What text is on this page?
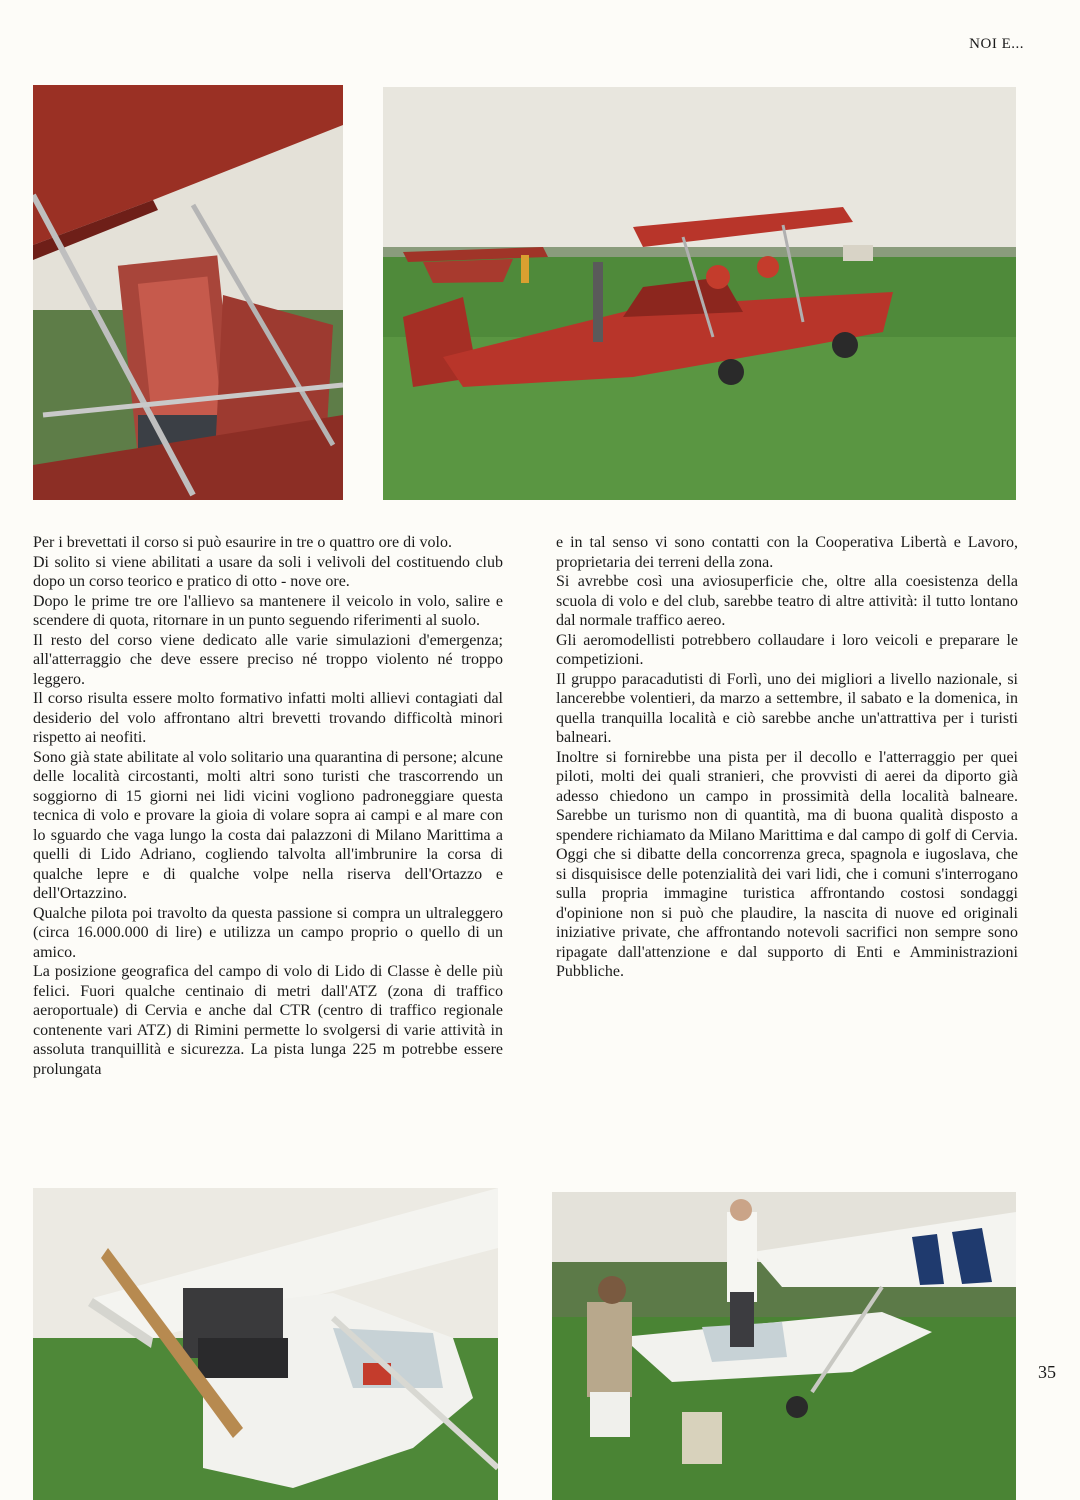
NOI E...

Per i brevettati il corso si può esaurire in tre o quattro ore di volo.

Di solito si viene abilitati a usare da soli i velivoli del costituendo club dopo un corso teorico e pratico di otto - nove ore.

Dopo le prime tre ore l'allievo sa mantenere il veicolo in volo, salire e scendere di quota, ritornare in un punto seguendo riferimenti al suolo.

Il resto del corso viene dedicato alle varie simulazioni d'emergenza; all'atterraggio che deve essere preciso né troppo violento né troppo leggero.

Il corso risulta essere molto formativo infatti molti allievi contagiati dal desiderio del volo affrontano altri brevetti trovando difficoltà minori rispetto ai neofiti.

Sono già state abilitate al volo solitario una quarantina di persone; alcune delle località circostanti, molti altri sono turisti che trascorrendo un soggiorno di 15 giorni nei lidi vicini vogliono padroneggiare questa tecnica di volo e provare la gioia di volare sopra ai campi e al mare con lo sguardo che vaga lungo la costa dai palazzoni di Milano Marittima a quelli di Lido Adriano, cogliendo talvolta all'imbrunire la corsa di qualche lepre e di qualche volpe nella riserva dell'Ortazzo e dell'Ortazzino.

Qualche pilota poi travolto da questa passione si compra un ultraleggero (circa 16.000.000 di lire) e utilizza un campo proprio o quello di un amico.

La posizione geografica del campo di volo di Lido di Classe è delle più felici. Fuori qualche centinaio di metri dall'ATZ (zona di traffico aeroportuale) di Cervia e anche dal CTR (centro di traffico regionale contenente vari ATZ) di Rimini permette lo svolgersi di varie attività in assoluta tranquillità e sicurezza. La pista lunga 225 m potrebbe essere prolungata

e in tal senso vi sono contatti con la Cooperativa Libertà e Lavoro, proprietaria dei terreni della zona.

Si avrebbe così una aviosuperficie che, oltre alla coesistenza della scuola di volo e del club, sarebbe teatro di altre attività: il tutto lontano dal normale traffico aereo.

Gli aeromodellisti potrebbero collaudare i loro veicoli e preparare le competizioni.

Il gruppo paracadutisti di Forlì, uno dei migliori a livello nazionale, si lancerebbe volentieri, da marzo a settembre, il sabato e la domenica, in quella tranquilla località e ciò sarebbe anche un'attrattiva per i turisti balneari.

Inoltre si fornirebbe una pista per il decollo e l'atterraggio per quei piloti, molti dei quali stranieri, che provvisti di aerei da diporto già adesso chiedono un campo in prossimità della località balneare. Sarebbe un turismo non di quantità, ma di buona qualità disposto a spendere richiamato da Milano Marittima e dal campo di golf di Cervia. Oggi che si dibatte della concorrenza greca, spagnola e iugoslava, che si disquisisce delle potenzialità dei vari lidi, che i comuni s'interrogano sulla propria immagine turistica affrontando costosi sondaggi d'opinione non si può che plaudire, la nascita di nuove ed originali iniziative private, che affrontando notevoli sacrifici non sempre sono ripagate dall'attenzione e dal supporto di Enti e Amministrazioni Pubbliche.

35
